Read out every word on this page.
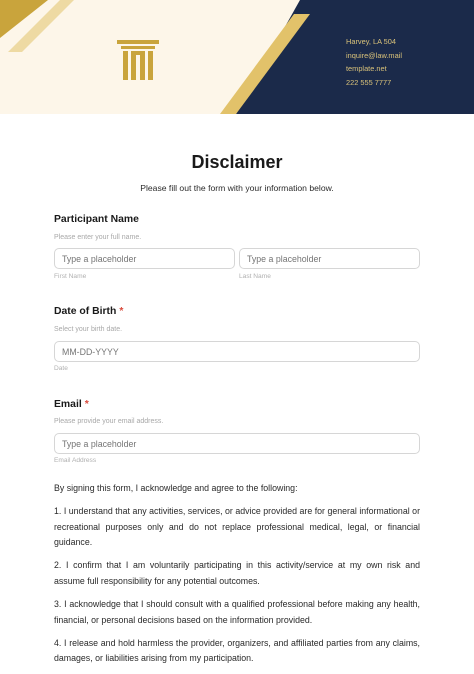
Harvey, LA 504
inquire@law.mail
template.net
222 555 7777
Disclaimer
Please fill out the form with your information below.
Participant Name
Please enter your full name.
Type a placeholder
Type a placeholder
First Name	Last Name
Date of Birth *
Select your birth date.
MM-DD-YYYY
Date
Email *
Please provide your email address.
Type a placeholder
Email Address

By signing this form, I acknowledge and agree to the following:

1. I understand that any activities, services, or advice provided are for general informational or recreational purposes only and do not replace professional medical, legal, or financial guidance.

2. I confirm that I am voluntarily participating in this activity/service at my own risk and assume full responsibility for any potential outcomes.

3. I acknowledge that I should consult with a qualified professional before making any health, financial, or personal decisions based on the information provided.

4. I release and hold harmless the provider, organizers, and affiliated parties from any claims, damages, or liabilities arising from my participation.
